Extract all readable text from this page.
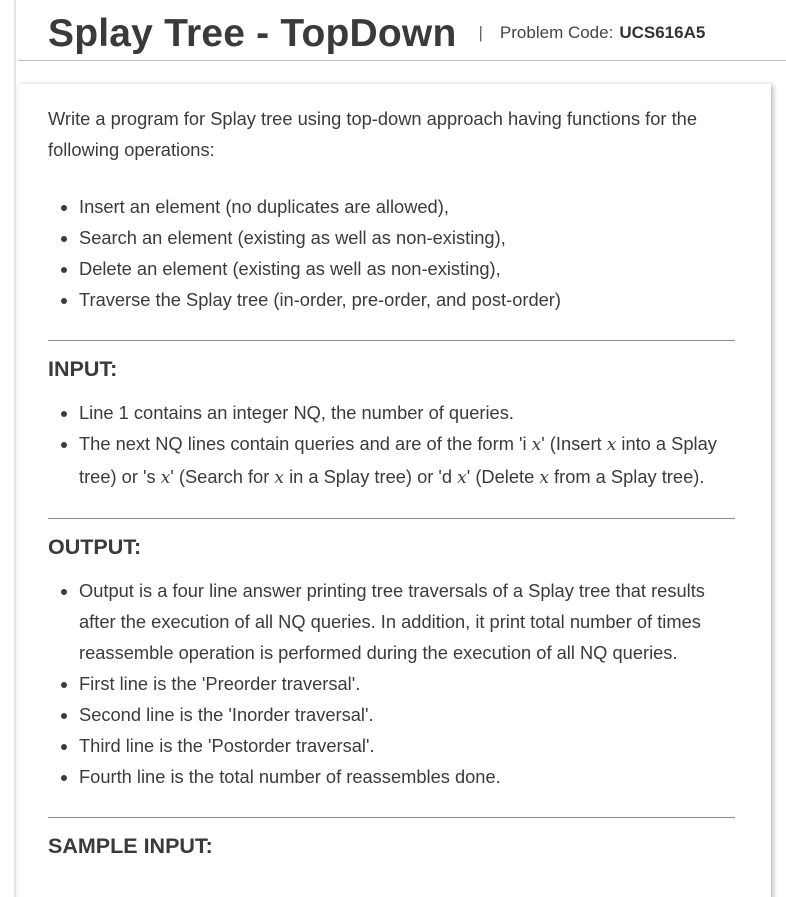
Splay Tree - TopDown | Problem Code: UCS616A5

Write a program for Splay tree using top-down approach having functions for the following operations:

• Insert an element (no duplicates are allowed),
• Search an element (existing as well as non-existing),
• Delete an element (existing as well as non-existing),
• Traverse the Splay tree (in-order, pre-order, and post-order)
INPUT:
• Line 1 contains an integer NQ, the number of queries.
• The next NQ lines contain queries and are of the form 'i x' (Insert x into a Splay tree) or 's x' (Search for x in a Splay tree) or 'd x' (Delete x from a Splay tree).
OUTPUT:
• Output is a four line answer printing tree traversals of a Splay tree that results after the execution of all NQ queries. In addition, it print total number of times reassemble operation is performed during the execution of all NQ queries.
• First line is the 'Preorder traversal'.
• Second line is the 'Inorder traversal'.
• Third line is the 'Postorder traversal'.
• Fourth line is the total number of reassembles done.
SAMPLE INPUT:
